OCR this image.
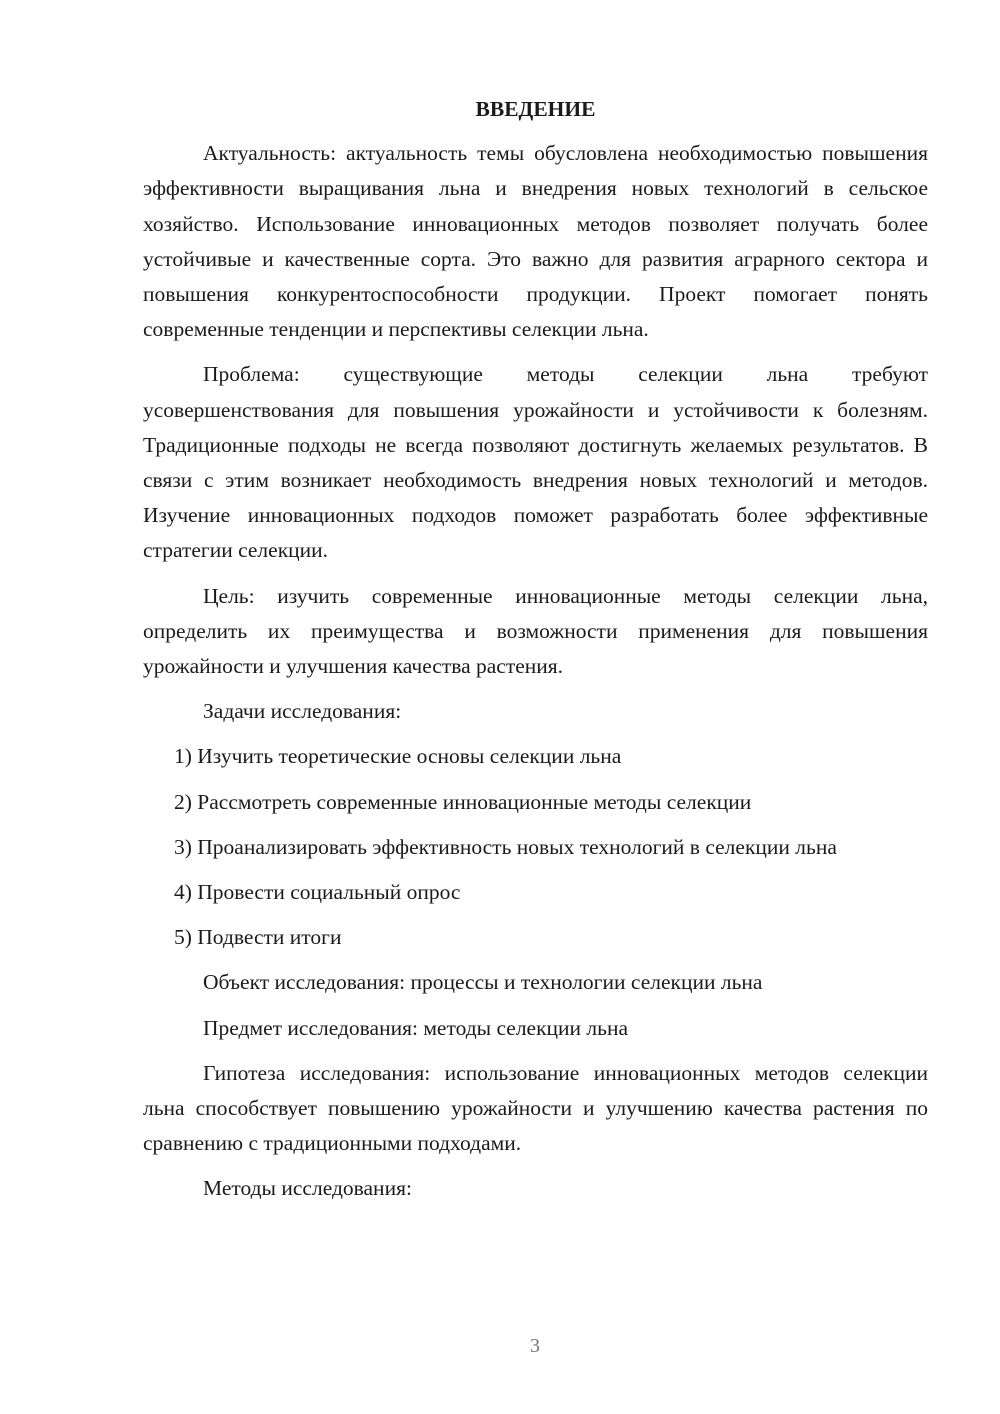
ВВЕДЕНИЕ

Актуальность: актуальность темы обусловлена необходимостью повышения эффективности выращивания льна и внедрения новых технологий в сельское хозяйство. Использование инновационных методов позволяет получать более устойчивые и качественные сорта. Это важно для развития аграрного сектора и повышения конкурентоспособности продукции. Проект помогает понять современные тенденции и перспективы селекции льна.

Проблема: существующие методы селекции льна требуют усовершенствования для повышения урожайности и устойчивости к болезням. Традиционные подходы не всегда позволяют достигнуть желаемых результатов. В связи с этим возникает необходимость внедрения новых технологий и методов. Изучение инновационных подходов поможет разработать более эффективные стратегии селекции.

Цель: изучить современные инновационные методы селекции льна, определить их преимущества и возможности применения для повышения урожайности и улучшения качества растения.

Задачи исследования:

1) Изучить теоретические основы селекции льна

2) Рассмотреть современные инновационные методы селекции

3) Проанализировать эффективность новых технологий в селекции льна

4) Провести социальный опрос

5) Подвести итоги

Объект исследования: процессы и технологии селекции льна

Предмет исследования: методы селекции льна

Гипотеза исследования: использование инновационных методов селекции льна способствует повышению урожайности и улучшению качества растения по сравнению с традиционными подходами.

Методы исследования:

3
